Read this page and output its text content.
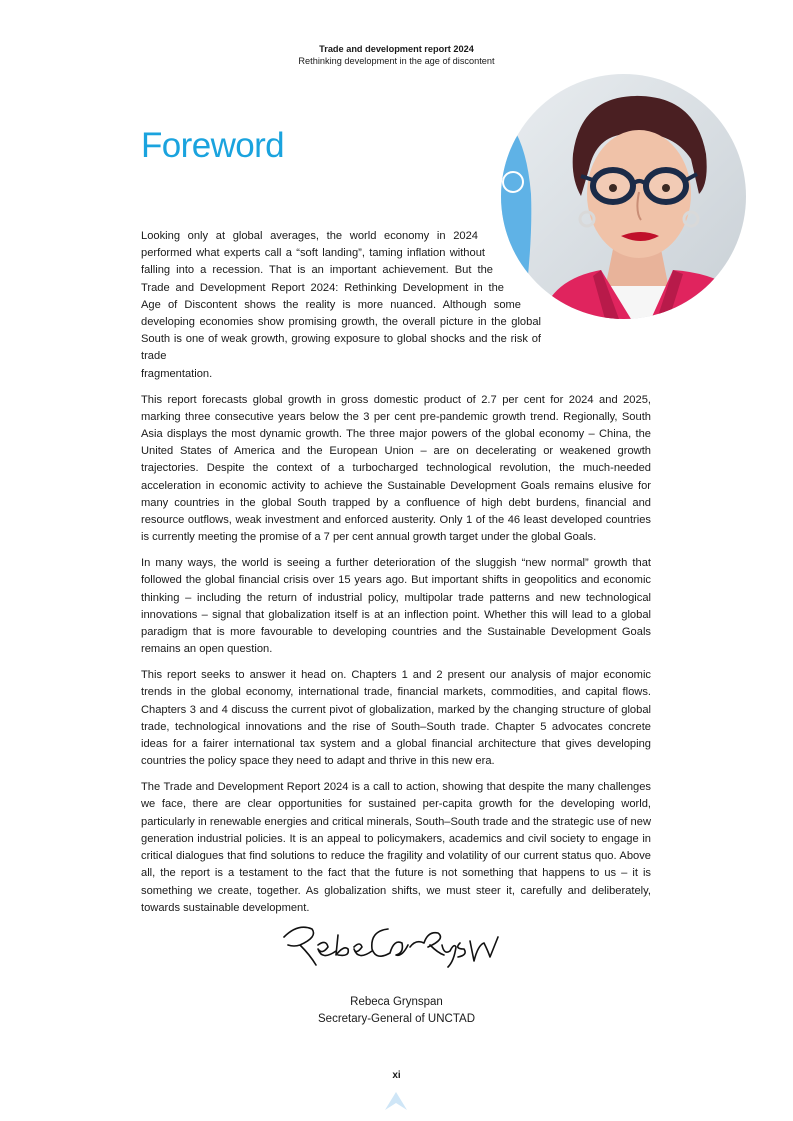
Trade and development report 2024
Rethinking development in the age of discontent
Foreword

Looking only at global averages, the world economy in 2024
performed what experts call a “soft landing”, taming inflation without
falling into a recession. That is an important achievement. But the
Trade and Development Report 2024: Rethinking Development in the
Age of Discontent shows the reality is more nuanced. Although some
developing economies show promising growth, the overall picture in the global
South is one of weak growth, growing exposure to global shocks and the risk of trade
fragmentation.

This report forecasts global growth in gross domestic product of 2.7 per cent for 2024 and 2025, marking three consecutive years below the 3 per cent pre-pandemic growth trend. Regionally, South Asia displays the most dynamic growth. The three major powers of the global economy – China, the United States of America and the European Union – are on decelerating or weakened growth trajectories. Despite the context of a turbocharged technological revolution, the much-needed acceleration in economic activity to achieve the Sustainable Development Goals remains elusive for many countries in the global South trapped by a confluence of high debt burdens, financial and resource outflows, weak investment and enforced austerity. Only 1 of the 46 least developed countries is currently meeting the promise of a 7 per cent annual growth target under the global Goals.

In many ways, the world is seeing a further deterioration of the sluggish “new normal” growth that followed the global financial crisis over 15 years ago. But important shifts in geopolitics and economic thinking – including the return of industrial policy, multipolar trade patterns and new technological innovations – signal that globalization itself is at an inflection point. Whether this will lead to a global paradigm that is more favourable to developing countries and the Sustainable Development Goals remains an open question.

This report seeks to answer it head on. Chapters 1 and 2 present our analysis of major economic trends in the global economy, international trade, financial markets, commodities, and capital flows. Chapters 3 and 4 discuss the current pivot of globalization, marked by the changing structure of global trade, technological innovations and the rise of South–South trade. Chapter 5 advocates concrete ideas for a fairer international tax system and a global financial architecture that gives developing countries the policy space they need to adapt and thrive in this new era.

The Trade and Development Report 2024 is a call to action, showing that despite the many challenges we face, there are clear opportunities for sustained per-capita growth for the developing world, particularly in renewable energies and critical minerals, South–South trade and the strategic use of new generation industrial policies. It is an appeal to policymakers, academics and civil society to engage in critical dialogues that find solutions to reduce the fragility and volatility of our current status quo. Above all, the report is a testament to the fact that the future is not something that happens to us – it is something we create, together. As globalization shifts, we must steer it, carefully and deliberately, towards sustainable development.

Rebeca Grynspan
Secretary-General of UNCTAD
xi
